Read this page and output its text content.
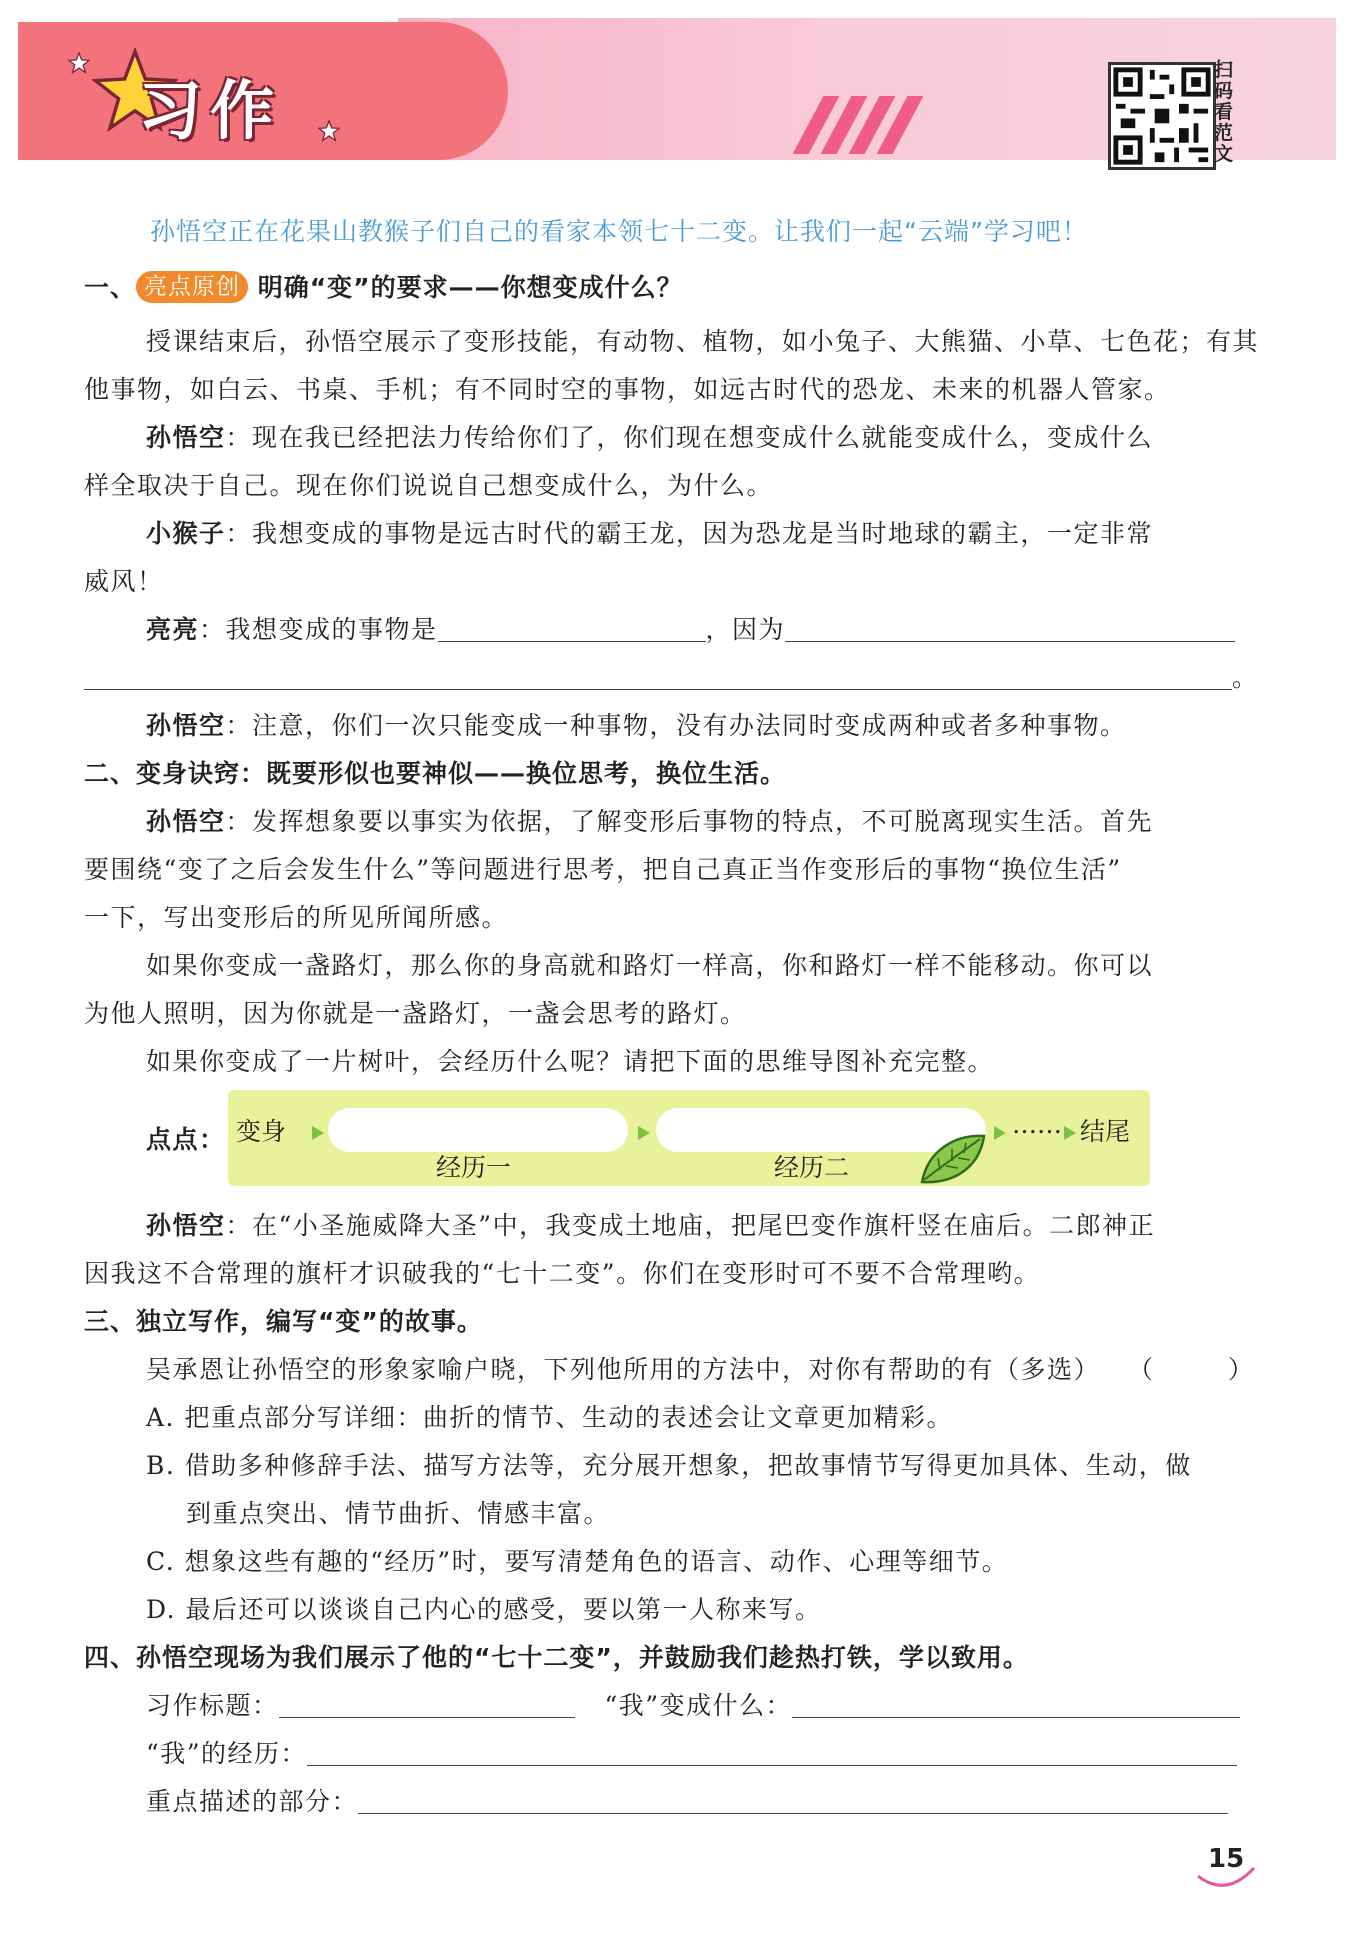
习作
扫码看范文
孙悟空正在花果山教猴子们自己的看家本领七十二变。让我们一起“云端”学习吧！
一、 亮点原创 明确“变”的要求——你想变成什么？
授课结束后，孙悟空展示了变形技能，有动物、植物，如小兔子、大熊猫、小草、七色花；有其
他事物，如白云、书桌、手机；有不同时空的事物，如远古时代的恐龙、未来的机器人管家。
孙悟空：现在我已经把法力传给你们了，你们现在想变成什么就能变成什么，变成什么
样全取决于自己。现在你们说说自己想变成什么，为什么。
小猴子：我想变成的事物是远古时代的霸王龙，因为恐龙是当时地球的霸主，一定非常
威风！
亮亮：我想变成的事物是	，因为
。
孙悟空：注意，你们一次只能变成一种事物，没有办法同时变成两种或者多种事物。
二、变身诀窍：既要形似也要神似——换位思考，换位生活。
孙悟空：发挥想象要以事实为依据，了解变形后事物的特点，不可脱离现实生活。首先
要围绕“变了之后会发生什么”等问题进行思考，把自己真正当作变形后的事物“换位生活”
一下，写出变形后的所见所闻所感。
如果你变成一盏路灯，那么你的身高就和路灯一样高，你和路灯一样不能移动。你可以
为他人照明，因为你就是一盏路灯，一盏会思考的路灯。
如果你变成了一片树叶，会经历什么呢？请把下面的思维导图补充完整。
点点： 变身
经历一	经历二
…… 结尾
孙悟空：在“小圣施威降大圣”中，我变成土地庙，把尾巴变作旗杆竖在庙后。二郎神正
因我这不合常理的旗杆才识破我的“七十二变”。你们在变形时可不要不合常理哟。
三、独立写作，编写“变”的故事。
吴承恩让孙悟空的形象家喻户晓，下列他所用的方法中，对你有帮助的有（多选） （	）
A. 把重点部分写详细：曲折的情节、生动的表述会让文章更加精彩。
B. 借助多种修辞手法、描写方法等，充分展开想象，把故事情节写得更加具体、生动，做
到重点突出、情节曲折、情感丰富。
C. 想象这些有趣的“经历”时，要写清楚角色的语言、动作、心理等细节。
D. 最后还可以谈谈自己内心的感受，要以第一人称来写。
四、孙悟空现场为我们展示了他的“七十二变”，并鼓励我们趁热打铁，学以致用。
习作标题：	“我”变成什么：
“我”的经历：
重点描述的部分：
15
